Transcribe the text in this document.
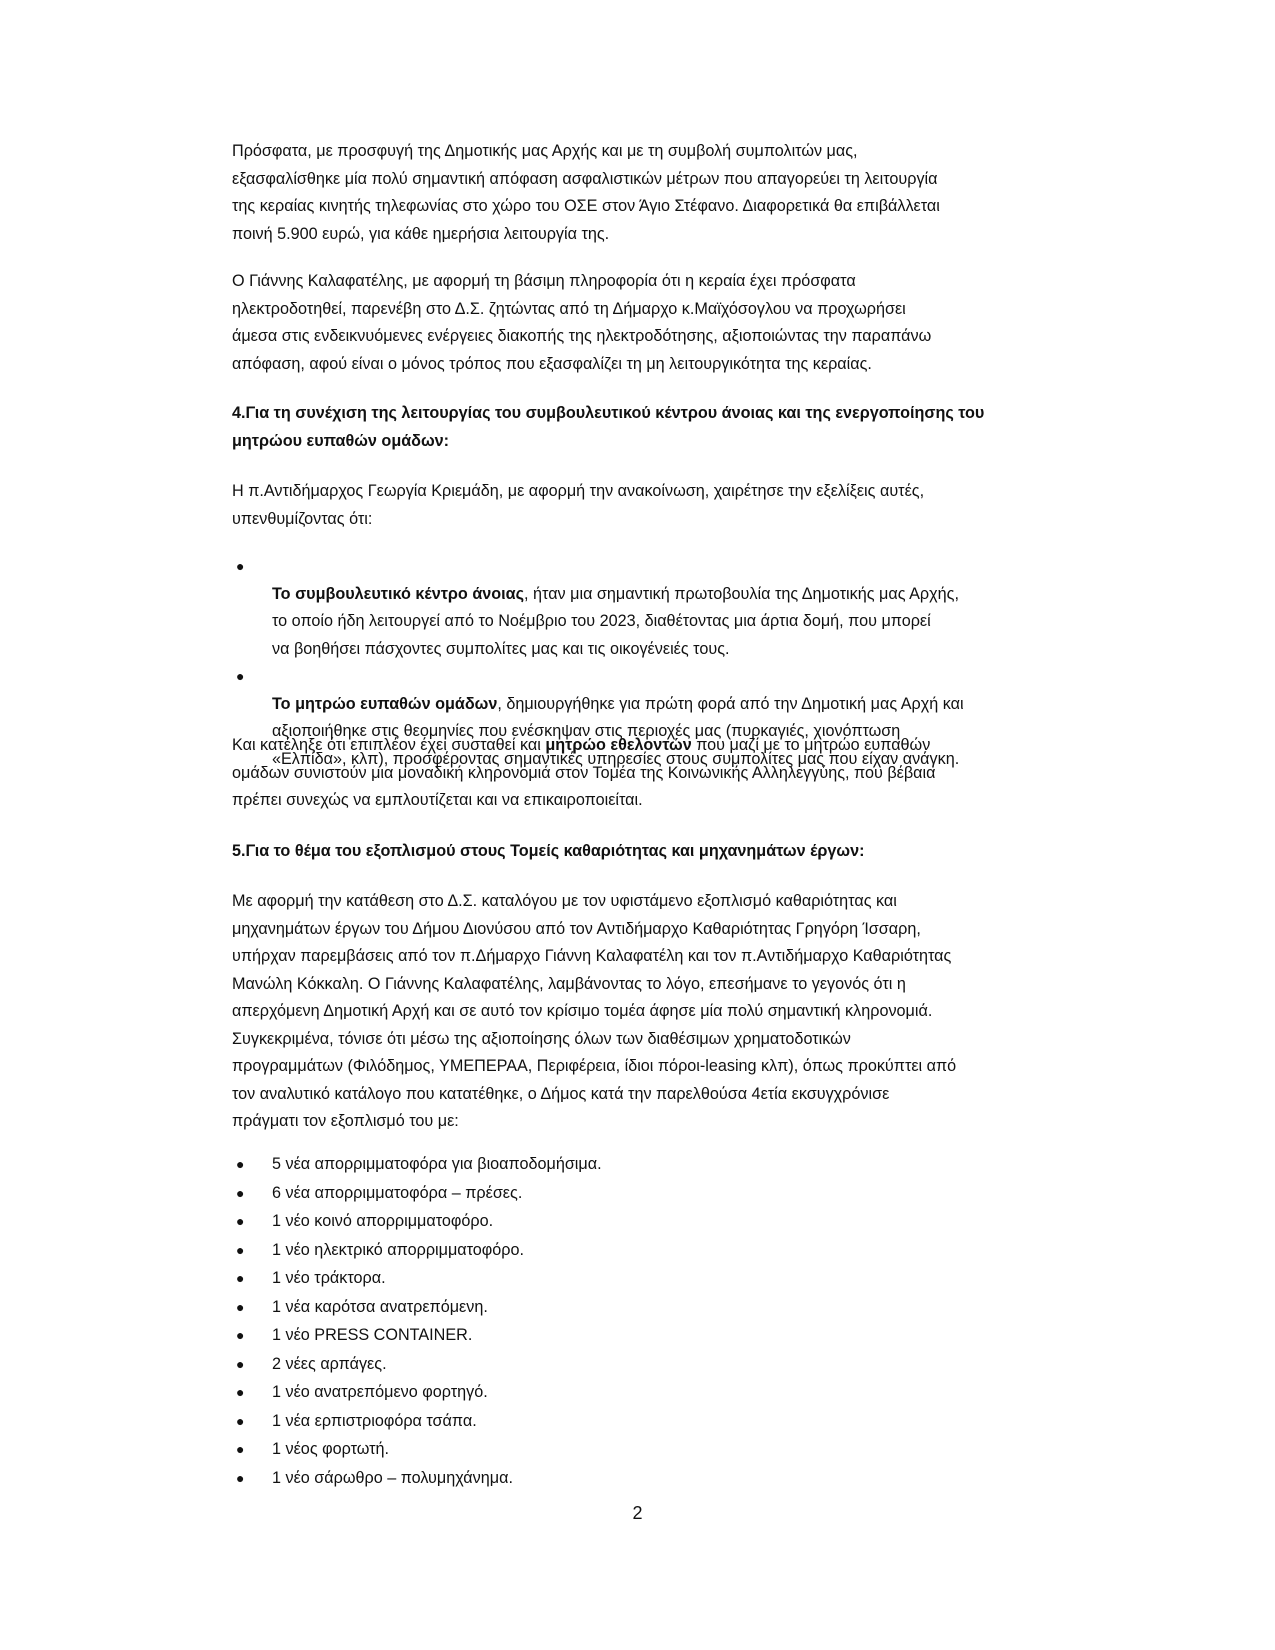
Πρόσφατα, με προσφυγή της Δημοτικής μας Αρχής και με τη συμβολή συμπολιτών μας,
εξασφαλίσθηκε μία πολύ σημαντική απόφαση ασφαλιστικών μέτρων που απαγορεύει τη λειτουργία
της κεραίας κινητής τηλεφωνίας στο χώρο του ΟΣΕ στον Άγιο Στέφανο. Διαφορετικά θα επιβάλλεται
ποινή 5.900 ευρώ, για κάθε ημερήσια λειτουργία της.

Ο Γιάννης Καλαφατέλης, με αφορμή τη βάσιμη πληροφορία ότι η κεραία έχει πρόσφατα
ηλεκτροδοτηθεί, παρενέβη στο Δ.Σ. ζητώντας από τη Δήμαρχο κ.Μαϊχόσογλου να προχωρήσει
άμεσα στις ενδεικνυόμενες ενέργειες διακοπής της ηλεκτροδότησης, αξιοποιώντας την παραπάνω
απόφαση, αφού είναι ο μόνος τρόπος που εξασφαλίζει τη μη λειτουργικότητα της κεραίας.

4.Για τη συνέχιση της λειτουργίας του συμβουλευτικού κέντρου άνοιας και της ενεργοποίησης του
μητρώου ευπαθών ομάδων:

Η π.Αντιδήμαρχος Γεωργία Κριεμάδη, με αφορμή την ανακοίνωση, χαιρέτησε την εξελίξεις αυτές,
υπενθυμίζοντας ότι:

●
Το συμβουλευτικό κέντρο άνοιας, ήταν μια σημαντική πρωτοβουλία της Δημοτικής μας Αρχής,
το οποίο ήδη λειτουργεί από το Νοέμβριο του 2023, διαθέτοντας μια άρτια δομή, που μπορεί
να βοηθήσει πάσχοντες συμπολίτες μας και τις οικογένειές τους.

●
Το μητρώο ευπαθών ομάδων, δημιουργήθηκε για πρώτη φορά από την Δημοτική μας Αρχή και
αξιοποιήθηκε στις θεομηνίες που ενέσκηψαν στις περιοχές μας (πυρκαγιές, χιονόπτωση
«Ελπίδα», κλπ), προσφέροντας σημαντικές υπηρεσίες στους συμπολίτες μας που είχαν ανάγκη.

Και κατέληξε ότι επιπλέον έχει συσταθεί και μητρώο εθελοντών που μαζί με το μητρώο ευπαθών
ομάδων συνιστούν μια μοναδική κληρονομιά στον Τομέα της Κοινωνικής Αλληλεγγύης, που βέβαια
πρέπει συνεχώς να εμπλουτίζεται και να επικαιροποιείται.

5.Για το θέμα του εξοπλισμού στους Τομείς καθαριότητας και μηχανημάτων έργων:

Με αφορμή την κατάθεση στο Δ.Σ. καταλόγου με τον υφιστάμενο εξοπλισμό καθαριότητας και
μηχανημάτων έργων του Δήμου Διονύσου από τον Αντιδήμαρχο Καθαριότητας Γρηγόρη Ίσσαρη,
υπήρχαν παρεμβάσεις από τον π.Δήμαρχο Γιάννη Καλαφατέλη και τον π.Αντιδήμαρχο Καθαριότητας
Μανώλη Κόκκαλη. Ο Γιάννης Καλαφατέλης, λαμβάνοντας το λόγο, επεσήμανε το γεγονός ότι η
απερχόμενη Δημοτική Αρχή και σε αυτό τον κρίσιμο τομέα άφησε μία πολύ σημαντική κληρονομιά.
Συγκεκριμένα, τόνισε ότι μέσω της αξιοποίησης όλων των διαθέσιμων χρηματοδοτικών
προγραμμάτων (Φιλόδημος, ΥΜΕΠΕΡΑΑ, Περιφέρεια, ίδιοι πόροι-leasing κλπ), όπως προκύπτει από
τον αναλυτικό κατάλογο που κατατέθηκε, ο Δήμος κατά την παρελθούσα 4ετία εκσυγχρόνισε
πράγματι τον εξοπλισμό του με:

● 5 νέα απορριμματοφόρα για βιοαποδομήσιμα.
● 6 νέα απορριμματοφόρα – πρέσες.
● 1 νέο κοινό απορριμματοφόρο.
● 1 νέο ηλεκτρικό απορριμματοφόρο.
● 1 νέο τράκτορα.
● 1 νέα καρότσα ανατρεπόμενη.
● 1 νέο PRESS CONTAINER.
● 2 νέες αρπάγες.
● 1 νέο ανατρεπόμενο φορτηγό.
● 1 νέα ερπιστριοφόρα τσάπα.
● 1 νέος φορτωτή.
● 1 νέο σάρωθρο – πολυμηχάνημα.
2
